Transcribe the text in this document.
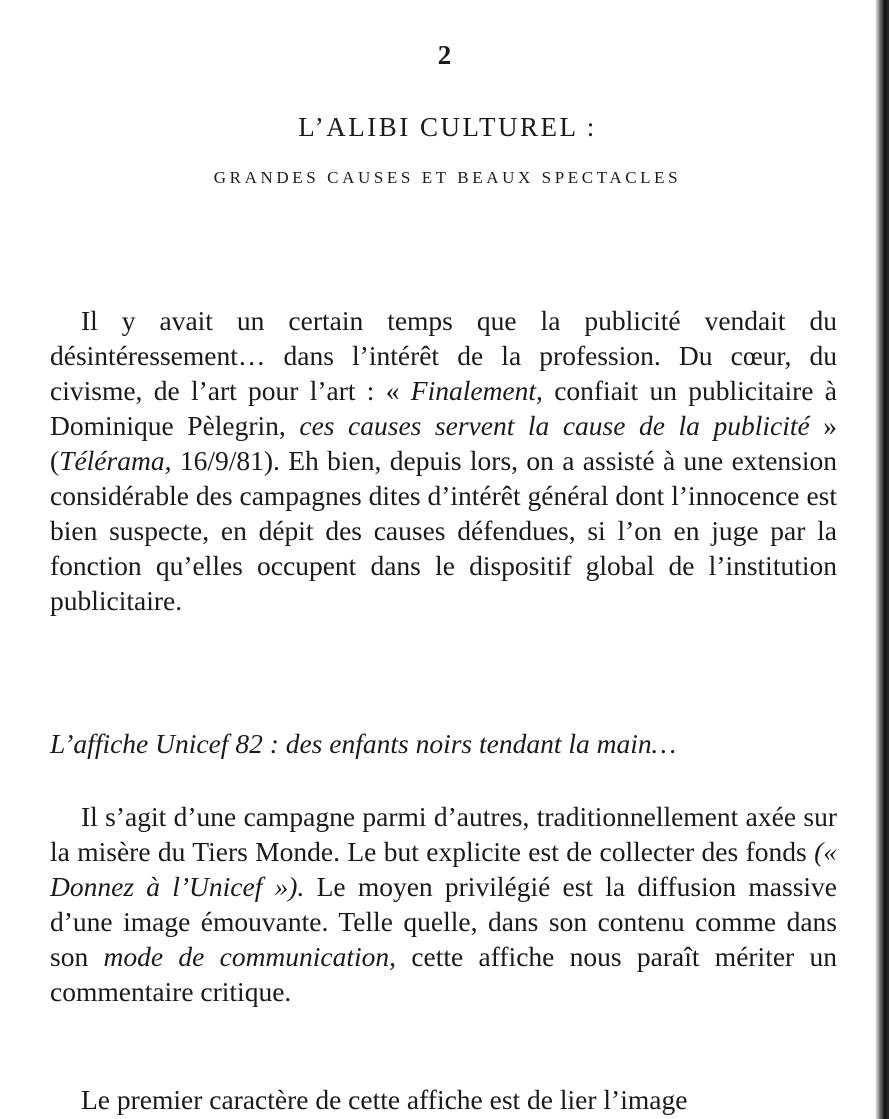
2
L’ALIBI CULTUREL :
GRANDES CAUSES ET BEAUX SPECTACLES

Il y avait un certain temps que la publicité vendait du désintéressement… dans l’intérêt de la profession. Du cœur, du civisme, de l’art pour l’art : « Finalement, confiait un publicitaire à Dominique Pèlegrin, ces causes servent la cause de la publicité » (Télérama, 16/9/81). Eh bien, depuis lors, on a assisté à une extension considérable des campagnes dites d’intérêt général dont l’innocence est bien suspecte, en dépit des causes défendues, si l’on en juge par la fonction qu’elles occupent dans le dispositif global de l’institution publicitaire.

L’affiche Unicef 82 : des enfants noirs tendant la main…

Il s’agit d’une campagne parmi d’autres, traditionnellement axée sur la misère du Tiers Monde. Le but explicite est de collecter des fonds (« Donnez à l’Unicef »). Le moyen privilégié est la diffusion massive d’une image émouvante. Telle quelle, dans son contenu comme dans son mode de communication, cette affiche nous paraît mériter un commentaire critique.

Le premier caractère de cette affiche est de lier l’image
